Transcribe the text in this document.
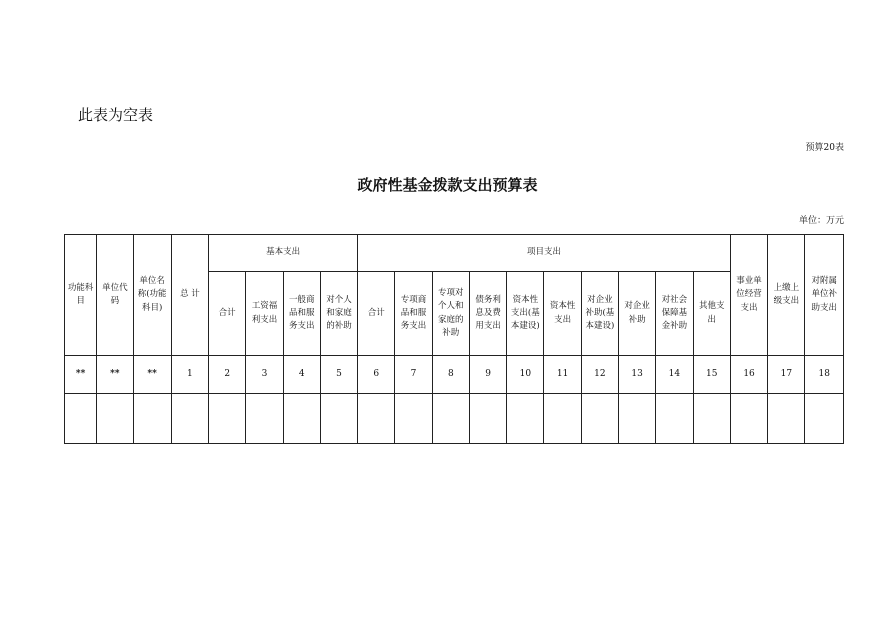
此表为空表
预算20表
政府性基金拨款支出预算表
单位：万元
功能科目	单位代码	单位名称(功能科目)	总 计	基本支出				项目支出										事业单位经营支出	上缴上级支出	对附属单位补助支出
				合计	工资福利支出	一般商品和服务支出	对个人和家庭的补助	合计	专项商品和服务支出	专项对个人和家庭的补助	债务利息及费用支出	资本性支出(基本建设)	资本性支出	对企业补助(基本建设)	对企业补助	对社会保障基金补助	其他支出			
**	**	**	1	2	3	4	5	6	7	8	9	10	11	12	13	14	15	16	17	18
